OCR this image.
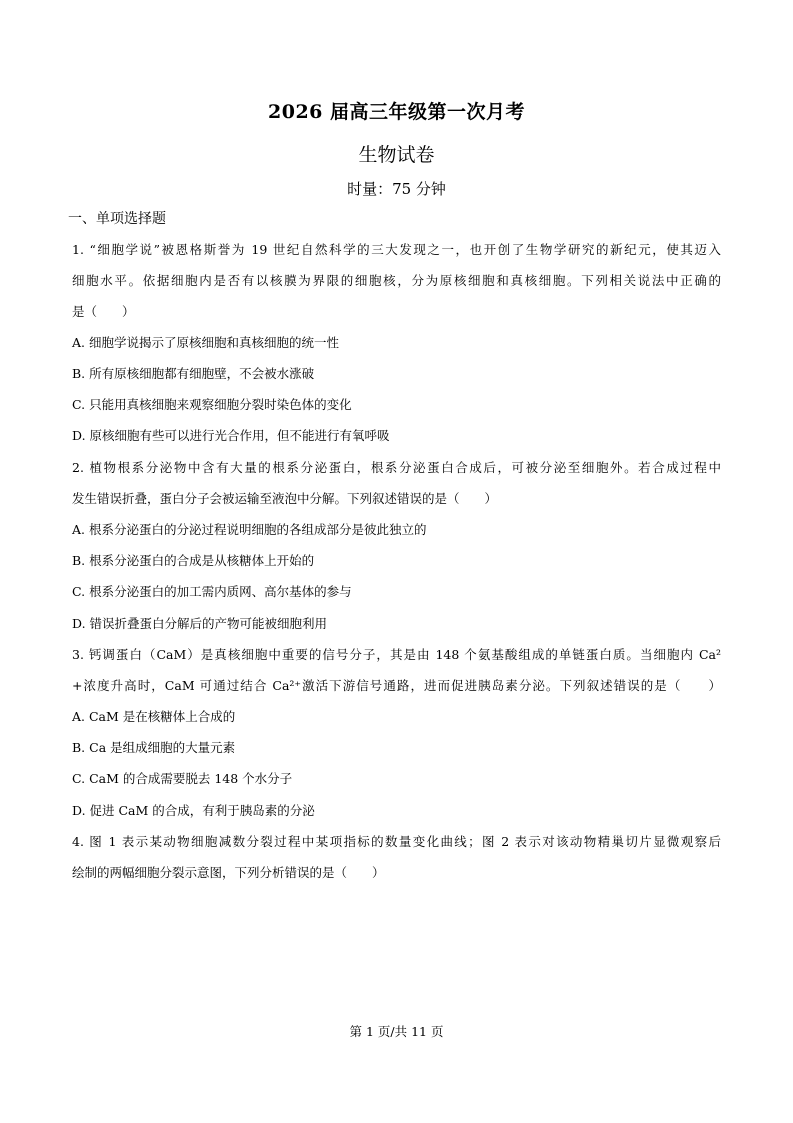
2026 届高三年级第一次月考
生物试卷
时量：75 分钟
一、单项选择题
1. “细胞学说”被恩格斯誉为 19 世纪自然科学的三大发现之一，也开创了生物学研究的新纪元，使其迈入
细胞水平。依据细胞内是否有以核膜为界限的细胞核，分为原核细胞和真核细胞。下列相关说法中正确的
是（　　）
A. 细胞学说揭示了原核细胞和真核细胞的统一性
B. 所有原核细胞都有细胞壁，不会被水涨破
C. 只能用真核细胞来观察细胞分裂时染色体的变化
D. 原核细胞有些可以进行光合作用，但不能进行有氧呼吸
2. 植物根系分泌物中含有大量的根系分泌蛋白，根系分泌蛋白合成后，可被分泌至细胞外。若合成过程中
发生错误折叠，蛋白分子会被运输至液泡中分解。下列叙述错误的是（　　）
A. 根系分泌蛋白的分泌过程说明细胞的各组成部分是彼此独立的
B. 根系分泌蛋白的合成是从核糖体上开始的
C. 根系分泌蛋白的加工需内质网、高尔基体的参与
D. 错误折叠蛋白分解后的产物可能被细胞利用
3. 钙调蛋白（CaM）是真核细胞中重要的信号分子，其是由 148 个氨基酸组成的单链蛋白质。当细胞内 Ca²
+浓度升高时，CaM 可通过结合 Ca²⁺激活下游信号通路，进而促进胰岛素分泌。下列叙述错误的是（　　）
A. CaM 是在核糖体上合成的
B. Ca 是组成细胞的大量元素
C. CaM 的合成需要脱去 148 个水分子
D. 促进 CaM 的合成，有利于胰岛素的分泌
4. 图 1 表示某动物细胞减数分裂过程中某项指标的数量变化曲线；图 2 表示对该动物精巢切片显微观察后
绘制的两幅细胞分裂示意图，下列分析错误的是（　　）
第 1 页/共 11 页
